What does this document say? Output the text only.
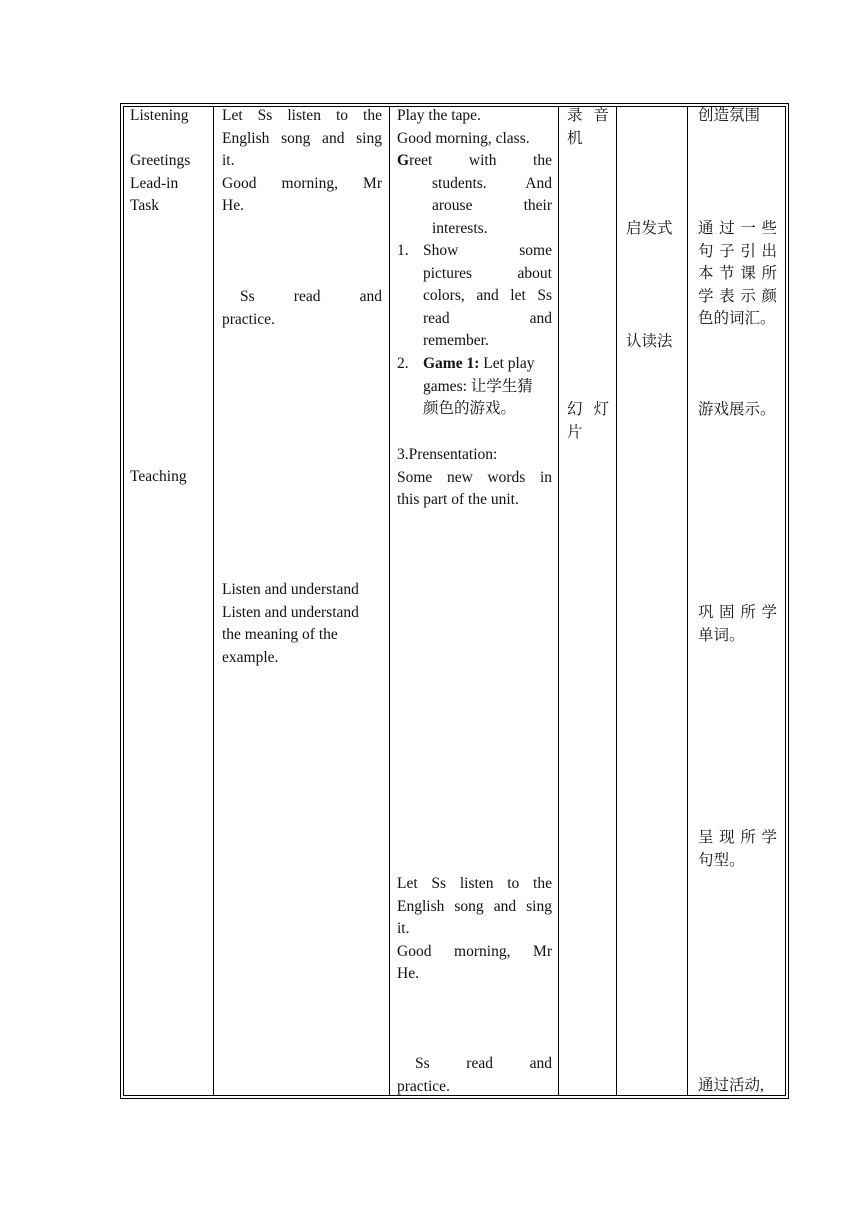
Listening
Greetings
Lead-in
Task
Teaching
Let Ss listen to the
English song and sing
it.
Good morning, Mr
He.
Ss read and
practice.
Listen and understand
Listen and understand
the meaning of the
example.
Play the tape.
Good morning, class.
Greet with the
students. And
arouse their
interests.
1. Show some
pictures about
colors, and let Ss
read and
remember.
2. Game 1: Let play
games: 让学生猜
颜色的游戏。
3.Prensentation:
Some new words in
this part of the unit.
Let Ss listen to the
English song and sing
it.
Good morning, Mr
He.
Ss read and
practice.
录 音
机
幻 灯
片
启发式
认读法
创造氛围
通过一些
句子引出
本节课所
学表示颜
色的词汇。
游戏展示。
巩固所学
单词。
呈现所学
句型。
通过活动,
